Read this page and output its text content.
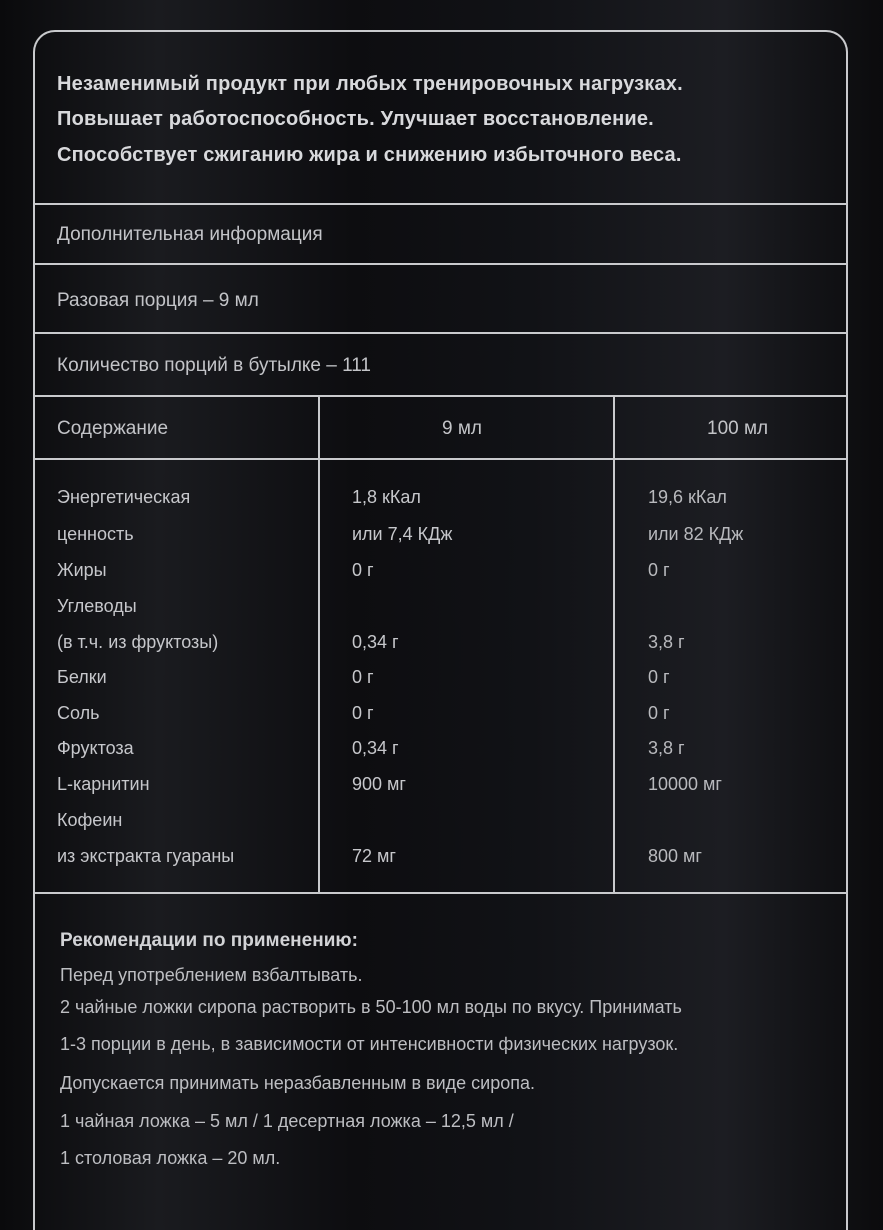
Незаменимый продукт при любых тренировочных нагрузках.
Повышает работоспособность. Улучшает восстановление.
Способствует сжиганию жира и снижению избыточного веса.
Дополнительная информация
Разовая порция – 9 мл
Количество порций в бутылке – 111
Содержание	9 мл	100 мл
Энергетическая	1,8 кКал	19,6 кКал
ценность	или 7,4 КДж	или 82 КДж
Жиры	0 г	0 г
Углеводы
(в т.ч. из фруктозы)	0,34 г	3,8 г
Белки	0 г	0 г
Соль	0 г	0 г
Фруктоза	0,34 г	3,8 г
L-карнитин	900 мг	10000 мг
Кофеин
из экстракта гуараны	72 мг	800 мг
Рекомендации по применению:
Перед употреблением взбалтывать.
2 чайные ложки сиропа растворить в 50-100 мл воды по вкусу. Принимать
1-3 порции в день, в зависимости от интенсивности физических нагрузок.
Допускается принимать неразбавленным в виде сиропа.
1 чайная ложка – 5 мл / 1 десертная ложка – 12,5 мл /
1 столовая ложка – 20 мл.
